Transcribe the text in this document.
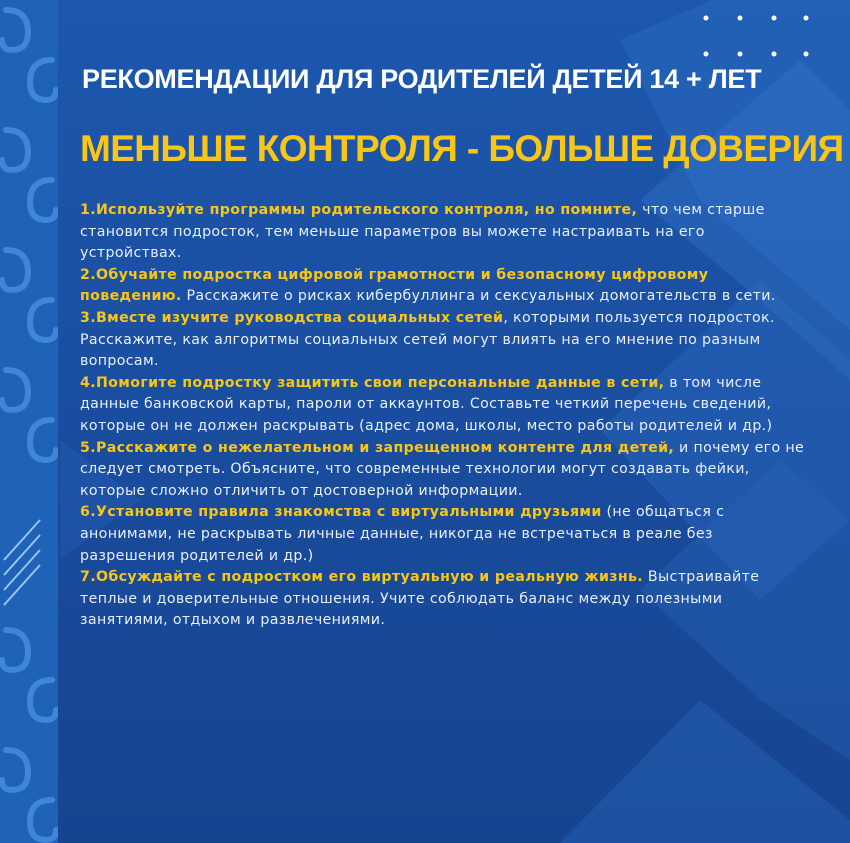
РЕКОМЕНДАЦИИ ДЛЯ РОДИТЕЛЕЙ ДЕТЕЙ 14 + ЛЕТ
МЕНЬШЕ КОНТРОЛЯ - БОЛЬШЕ ДОВЕРИЯ

1.Используйте программы родительского контроля, но помните, что чем старше становится подросток, тем меньше параметров вы можете настраивать на его устройствах.

2.Обучайте подростка цифровой грамотности и безопасному цифровому поведению. Расскажите о рисках кибербуллинга и сексуальных домогательств в сети.

3.Вместе изучите руководства социальных сетей, которыми пользуется подросток. Расскажите, как алгоритмы социальных сетей могут влиять на его мнение по разным вопросам.

4.Помогите подростку защитить свои персональные данные в сети, в том числе данные банковской карты, пароли от аккаунтов. Составьте четкий перечень сведений, которые он не должен раскрывать (адрес дома, школы, место работы родителей и др.)

5.Расскажите о нежелательном и запрещенном контенте для детей, и почему его не следует смотреть. Объясните, что современные технологии могут создавать фейки, которые сложно отличить от достоверной информации.

6.Установите правила знакомства с виртуальными друзьями (не общаться с анонимами, не раскрывать личные данные, никогда не встречаться в реале без разрешения родителей и др.)

7.Обсуждайте с подростком его виртуальную и реальную жизнь. Выстраивайте теплые и доверительные отношения. Учите соблюдать баланс между полезными занятиями, отдыхом и развлечениями.
